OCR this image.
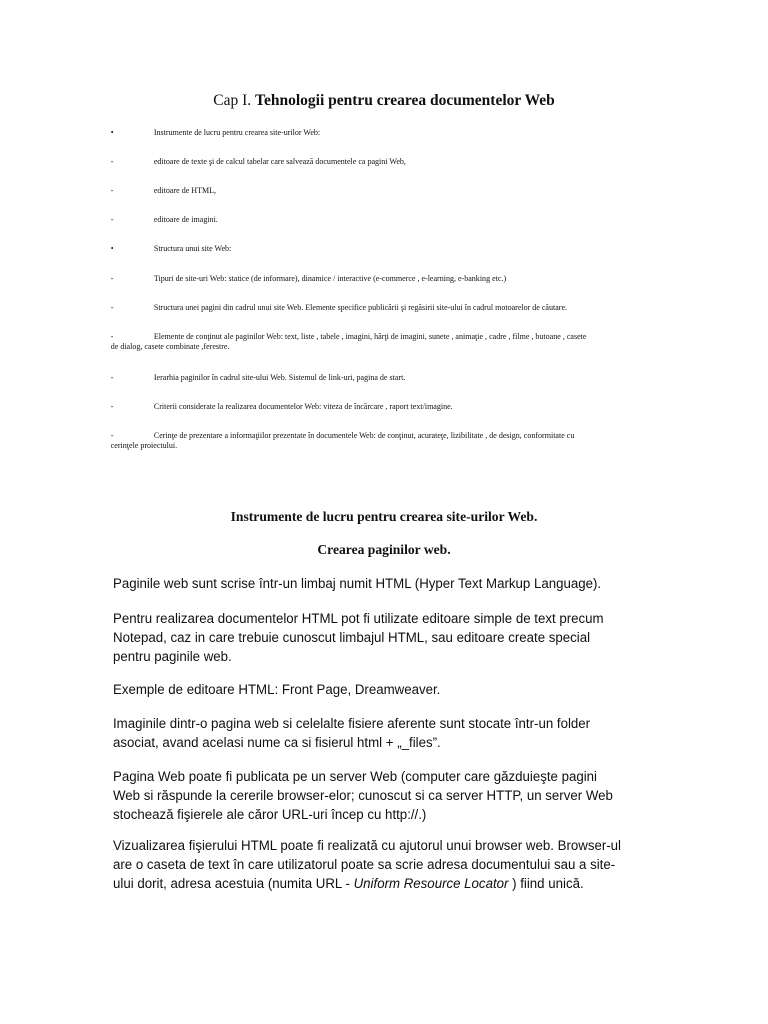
Cap I. Tehnologii pentru crearea documentelor Web
•	Instrumente de lucru pentru crearea site-urilor Web:
-	editoare de texte şi de calcul tabelar care salvează documentele ca pagini Web,
-	editoare de HTML,
-	editoare de imagini.
•	Structura unui site Web:
-	Tipuri de site-uri Web: statice (de informare), dinamice / interactive (e-commerce , e-learning, e-banking etc.)
-	Structura unei pagini din cadrul unui site Web. Elemente specifice publicării şi regăsirii site-ului în cadrul motoarelor de căutare.
-	Elemente de conţinut ale paginilor Web: text, liste , tabele , imagini, hărţi de imagini, sunete , animaţie , cadre , filme , butoane , casete
de dialog, casete combinate ,ferestre.
-	Ierarhia paginilor în cadrul site-ului Web. Sistemul de link-uri, pagina de start.
-	Criterii considerate la realizarea documentelor Web: viteza de încărcare , raport text/imagine.
-	Cerinţe de prezentare a informaţiilor prezentate în documentele Web: de conţinut, acurateţe, lizibilitate , de design, conformitate cu
cerinţele proiectului.
Instrumente de lucru pentru crearea site-urilor Web.
Crearea paginilor web.
Paginile web sunt scrise într-un limbaj numit HTML (Hyper Text Markup Language).
Pentru realizarea documentelor HTML pot fi utilizate editoare simple de text precum Notepad, caz in care trebuie cunoscut limbajul HTML, sau editoare create special pentru paginile web.
Exemple de editoare HTML: Front Page, Dreamweaver.
Imaginile dintr-o pagina web si celelalte fisiere aferente sunt stocate într-un folder asociat, avand acelasi nume ca si fisierul html + „_files”.
Pagina Web poate fi publicata pe un server Web (computer care găzduieşte pagini Web si răspunde la cererile browser-elor; cunoscut si ca server HTTP, un server Web stochează fişierele ale căror URL-uri încep cu http://.)
Vizualizarea fişierului HTML poate fi realizată cu ajutorul unui browser web. Browser-ul are o caseta de text în care utilizatorul poate sa scrie adresa documentului sau a site-ului dorit, adresa acestuia (numita URL - Uniform Resource Locator ) fiind unică.
